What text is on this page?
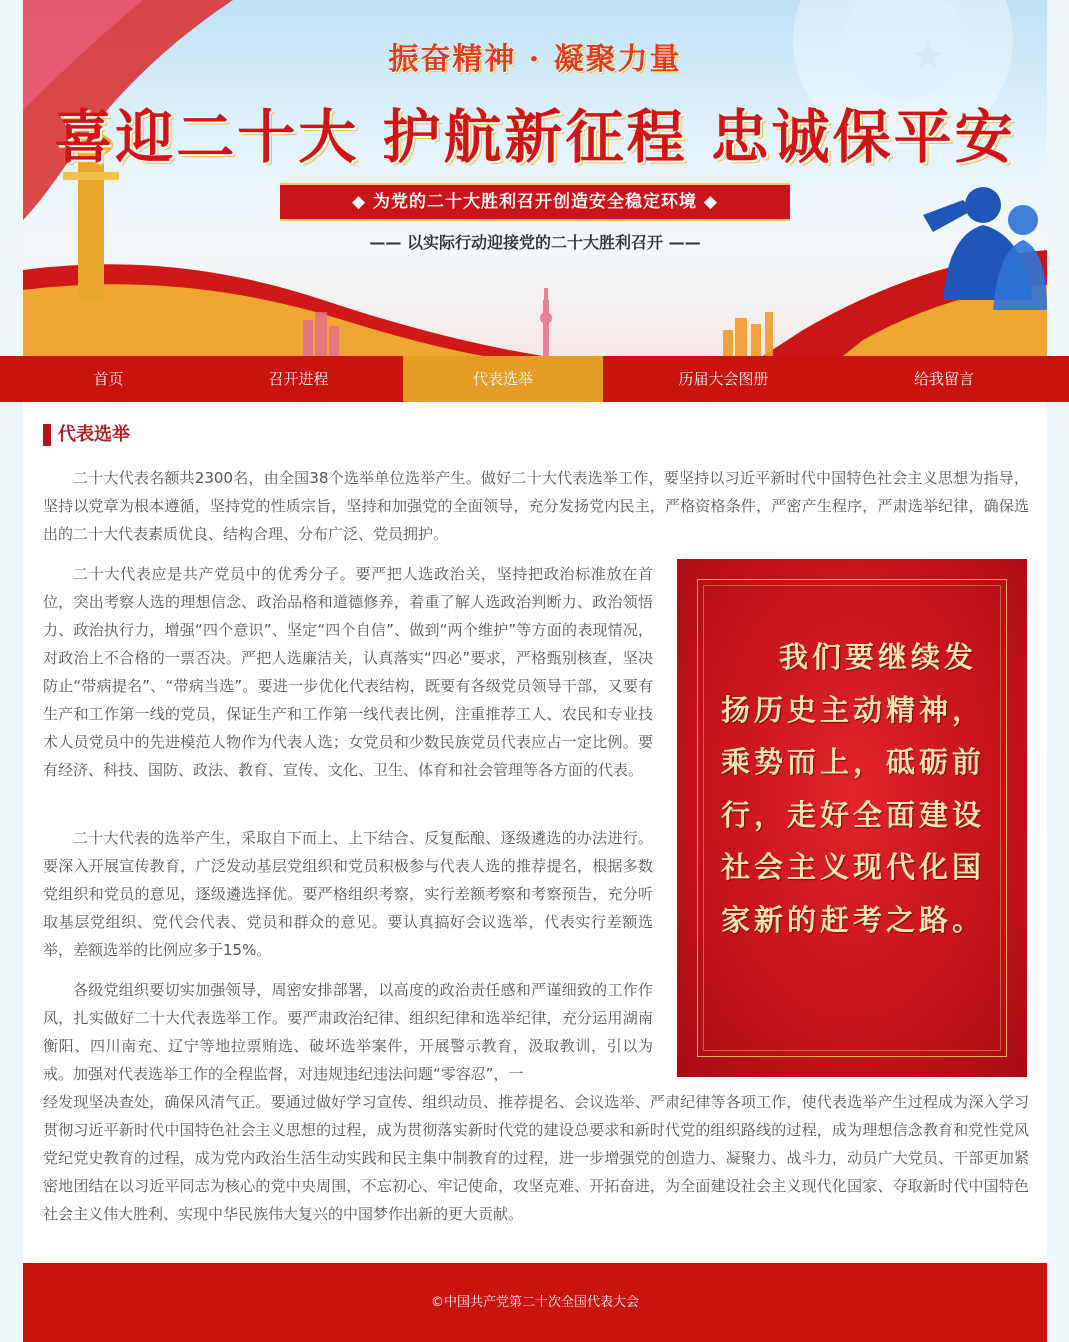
振奋精神 · 凝聚力量
喜迎二十大 护航新征程 忠诚保平安
◆ 为党的二十大胜利召开创造安全稳定环境 ◆
—— 以实际行动迎接党的二十大胜利召开 ——
代表选举

二十大代表名额共2300名，由全国38个选举单位选举产生。做好二十大代表选举工作，要坚持以习近平新时代中国特色社会主义思想为指导，坚持以党章为根本遵循，坚持党的性质宗旨，坚持和加强党的全面领导，充分发扬党内民主，严格资格条件，严密产生程序，严肃选举纪律，确保选出的二十大代表素质优良、结构合理、分布广泛、党员拥护。

二十大代表应是共产党员中的优秀分子。要严把人选政治关，坚持把政治标准放在首位，突出考察人选的理想信念、政治品格和道德修养，着重了解人选政治判断力、政治领悟力、政治执行力，增强“四个意识”、坚定“四个自信”、做到“两个维护”等方面的表现情况，对政治上不合格的一票否决。严把人选廉洁关，认真落实“四必”要求，严格甄别核查，坚决防止“带病提名”、“带病当选”。要进一步优化代表结构，既要有各级党员领导干部，又要有生产和工作第一线的党员，保证生产和工作第一线代表比例，注重推荐工人、农民和专业技术人员党员中的先进模范人物作为代表人选；女党员和少数民族党员代表应占一定比例。要有经济、科技、国防、政法、教育、宣传、文化、卫生、体育和社会管理等各方面的代表。

二十大代表的选举产生，采取自下而上、上下结合、反复酝酿、逐级遴选的办法进行。要深入开展宣传教育，广泛发动基层党组织和党员积极参与代表人选的推荐提名，根据多数党组织和党员的意见，逐级遴选择优。要严格组织考察，实行差额考察和考察预告，充分听取基层党组织、党代会代表、党员和群众的意见。要认真搞好会议选举，代表实行差额选举，差额选举的比例应多于15%。

各级党组织要切实加强领导，周密安排部署，以高度的政治责任感和严谨细致的工作作风，扎实做好二十大代表选举工作。要严肃政治纪律、组织纪律和选举纪律，充分运用湖南衡阳、四川南充、辽宁等地拉票贿选、破坏选举案件，开展警示教育，汲取教训，引以为戒。加强对代表选举工作的全程监督，对违规违纪违法问题“零容忍”，一

经发现坚决查处，确保风清气正。要通过做好学习宣传、组织动员、推荐提名、会议选举、严肃纪律等各项工作，使代表选举产生过程成为深入学习贯彻习近平新时代中国特色社会主义思想的过程，成为贯彻落实新时代党的建设总要求和新时代党的组织路线的过程，成为理想信念教育和党性党风党纪党史教育的过程，成为党内政治生活生动实践和民主集中制教育的过程，进一步增强党的创造力、凝聚力、战斗力，动员广大党员、干部更加紧密地团结在以习近平同志为核心的党中央周围，不忘初心、牢记使命，攻坚克难、开拓奋进，为全面建设社会主义现代化国家、夺取新时代中国特色社会主义伟大胜利、实现中华民族伟大复兴的中国梦作出新的更大贡献。

我们要继续发扬历史主动精神，乘势而上，砥砺前行，走好全面建设社会主义现代化国家新的赶考之路。

©中国共产党第二十次全国代表大会
首页	召开进程	代表选举	历届大会图册	给我留言
